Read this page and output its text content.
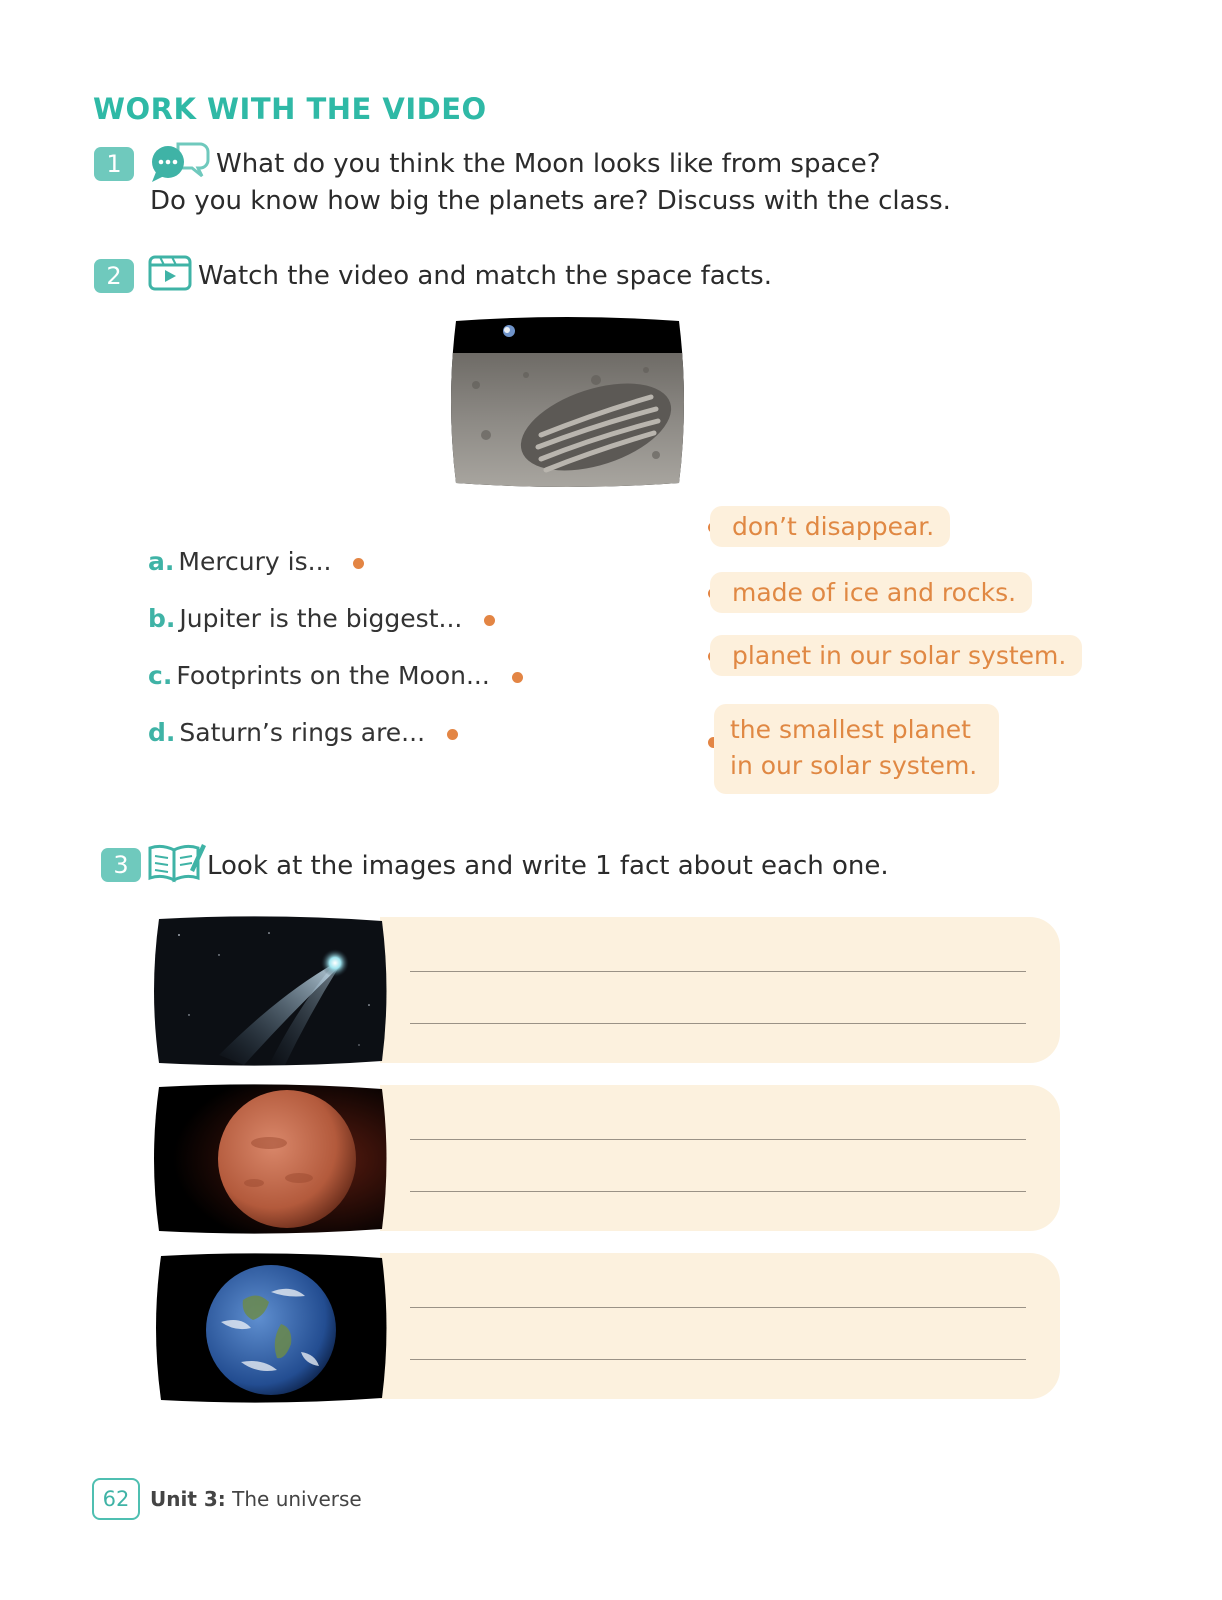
WORK WITH THE VIDEO
1	What do you think the Moon looks like from space?
Do you know how big the planets are? Discuss with the class.
2	Watch the video and match the space facts.
a. Mercury is...
b. Jupiter is the biggest...
c. Footprints on the Moon...
d. Saturn’s rings are...
don’t disappear.
made of ice and rocks.
planet in our solar system.
the smallest planet
in our solar system.
3	Look at the images and write 1 fact about each one.
62	Unit 3: The universe
